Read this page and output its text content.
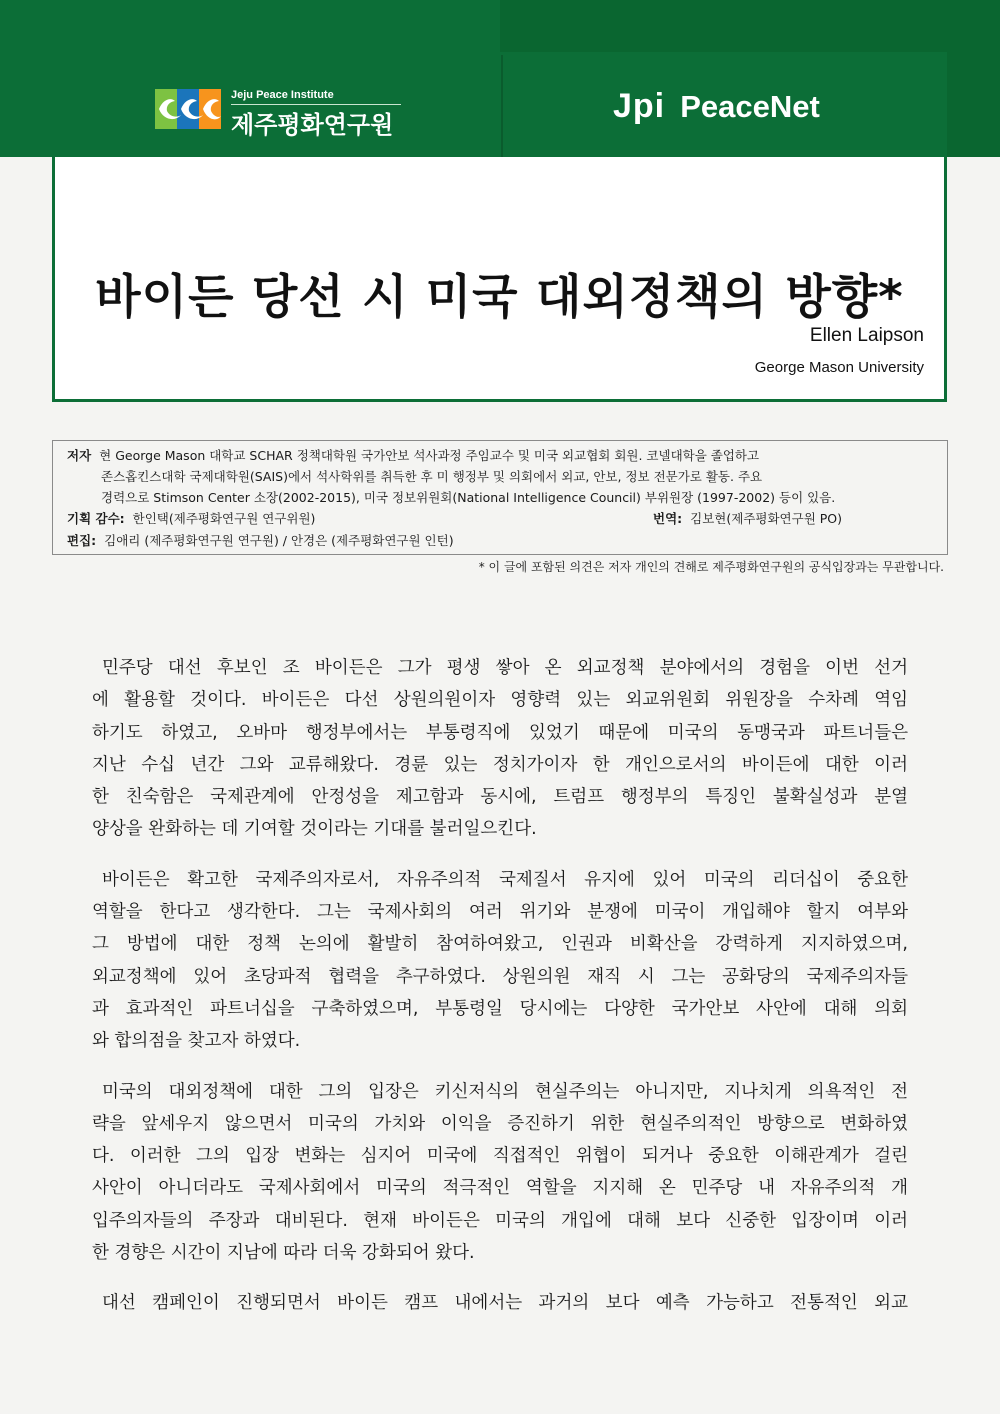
Jeju Peace Institute
제주평화연구원	Jpi PeaceNet
바이든 당선 시 미국 대외정책의 방향*
Ellen Laipson
George Mason University
저자 현 George Mason 대학교 SCHAR 정책대학원 국가안보 석사과정 주임교수 및 미국 외교협회 회원. 코넬대학을 졸업하고
존스홉킨스대학 국제대학원(SAIS)에서 석사학위를 취득한 후 미 행정부 및 의회에서 외교, 안보, 정보 전문가로 활동. 주요
경력으로 Stimson Center 소장(2002-2015), 미국 정보위원회(National Intelligence Council) 부위원장 (1997-2002) 등이 있음.
기획 감수: 한인택(제주평화연구원 연구위원)	번역: 김보현(제주평화연구원 PO)
편집: 김애리 (제주평화연구원 연구원) / 안경은 (제주평화연구원 인턴)
* 이 글에 포함된 의견은 저자 개인의 견해로 제주평화연구원의 공식입장과는 무관합니다.

민주당 대선 후보인 조 바이든은 그가 평생 쌓아 온 외교정책 분야에서의 경험을 이번 선거
에 활용할 것이다. 바이든은 다선 상원의원이자 영향력 있는 외교위원회 위원장을 수차례 역임
하기도 하였고, 오바마 행정부에서는 부통령직에 있었기 때문에 미국의 동맹국과 파트너들은
지난 수십 년간 그와 교류해왔다. 경륜 있는 정치가이자 한 개인으로서의 바이든에 대한 이러
한 친숙함은 국제관계에 안정성을 제고함과 동시에, 트럼프 행정부의 특징인 불확실성과 분열
양상을 완화하는 데 기여할 것이라는 기대를 불러일으킨다.

바이든은 확고한 국제주의자로서, 자유주의적 국제질서 유지에 있어 미국의 리더십이 중요한
역할을 한다고 생각한다. 그는 국제사회의 여러 위기와 분쟁에 미국이 개입해야 할지 여부와
그 방법에 대한 정책 논의에 활발히 참여하여왔고, 인권과 비확산을 강력하게 지지하였으며,
외교정책에 있어 초당파적 협력을 추구하였다. 상원의원 재직 시 그는 공화당의 국제주의자들
과 효과적인 파트너십을 구축하였으며, 부통령일 당시에는 다양한 국가안보 사안에 대해 의회
와 합의점을 찾고자 하였다.

미국의 대외정책에 대한 그의 입장은 키신저식의 현실주의는 아니지만, 지나치게 의욕적인 전
략을 앞세우지 않으면서 미국의 가치와 이익을 증진하기 위한 현실주의적인 방향으로 변화하였
다. 이러한 그의 입장 변화는 심지어 미국에 직접적인 위협이 되거나 중요한 이해관계가 걸린
사안이 아니더라도 국제사회에서 미국의 적극적인 역할을 지지해 온 민주당 내 자유주의적 개
입주의자들의 주장과 대비된다. 현재 바이든은 미국의 개입에 대해 보다 신중한 입장이며 이러
한 경향은 시간이 지남에 따라 더욱 강화되어 왔다.

대선 캠페인이 진행되면서 바이든 캠프 내에서는 과거의 보다 예측 가능하고 전통적인 외교
